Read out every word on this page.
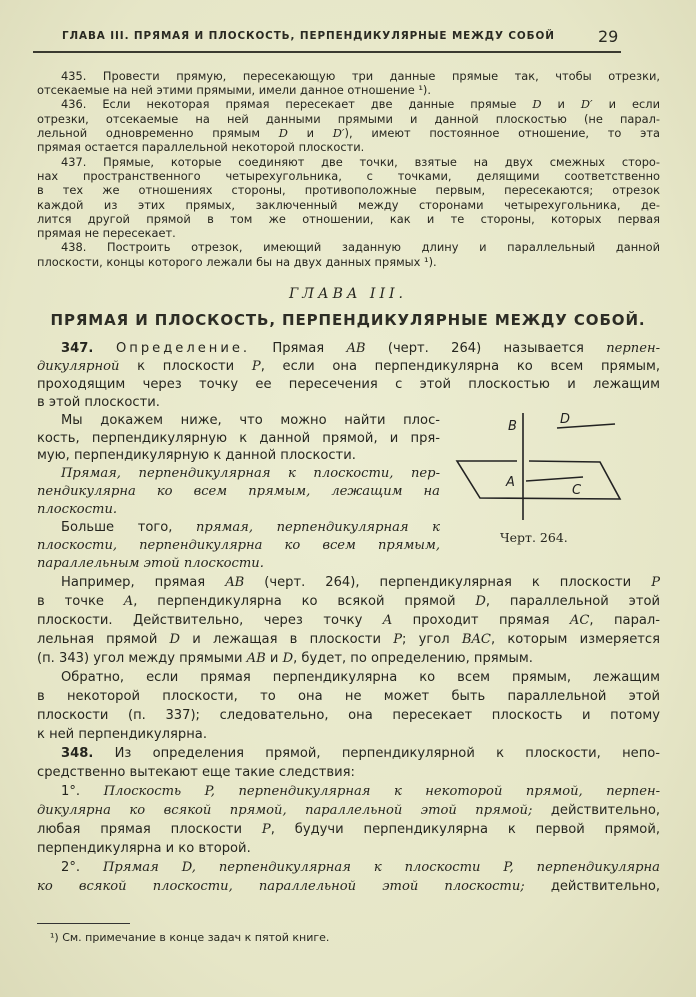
ГЛАВА III. ПРЯМАЯ И ПЛОСКОСТЬ, ПЕРПЕНДИКУЛЯРНЫЕ МЕЖДУ СОБОЙ	29
435. Провести прямую, пересекающую три данные прямые так, чтобы отрезки,
отсекаемые на ней этими прямыми, имели данное отношение ¹).
436. Если некоторая прямая пересекает две данные прямые D и D′ и если
отрезки, отсекаемые на ней данными прямыми и данной плоскостью (не парал-
лельной одновременно прямым D и D′), имеют постоянное отношение, то эта
прямая остается параллельной некоторой плоскости.
437. Прямые, которые соединяют две точки, взятые на двух смежных сторо-
нах пространственного четырехугольника, с точками, делящими соответственно
в тех же отношениях стороны, противоположные первым, пересекаются; отрезок
каждой из этих прямых, заключенный между сторонами четырехугольника, де-
лится другой прямой в том же отношении, как и те стороны, которых первая
прямая не пересекает.
438. Построить отрезок, имеющий заданную длину и параллельный данной
плоскости, концы которого лежали бы на двух данных прямых ¹).
ГЛАВА III.
ПРЯМАЯ И ПЛОСКОСТЬ, ПЕРПЕНДИКУЛЯРНЫЕ МЕЖДУ СОБОЙ.
347. Определение. Прямая AB (черт. 264) называется перпен-
дикулярной к плоскости P, если она перпендикулярна ко всем прямым,
проходящим через точку ее пересечения с этой плоскостью и лежащим
в этой плоскости.
Мы докажем ниже, что можно найти плос-
кость, перпендикулярную к данной прямой, и пря-
мую, перпендикулярную к данной плоскости.
Прямая, перпендикулярная к плоскости, пер-
пендикулярна ко всем прямым, лежащим на
плоскости.
Больше того, прямая, перпендикулярная к
плоскости, перпендикулярна ко всем прямым,
параллельным этой плоскости.
Например, прямая AB (черт. 264), перпендикулярная к плоскости P
в точке A, перпендикулярна ко всякой прямой D, параллельной этой
плоскости. Действительно, через точку A проходит прямая AC, парал-
лельная прямой D и лежащая в плоскости P; угол BAC, которым измеряется
(п. 343) угол между прямыми AB и D, будет, по определению, прямым.
Обратно, если прямая перпендикулярна ко всем прямым, лежащим
в некоторой плоскости, то она не может быть параллельной этой
плоскости (п. 337); следовательно, она пересекает плоскость и потому
к ней перпендикулярна.
348. Из определения прямой, перпендикулярной к плоскости, непо-
средственно вытекают еще такие следствия:
1°. Плоскость P, перпендикулярная к некоторой прямой, перпен-
дикулярна ко всякой прямой, параллельной этой прямой; действительно,
любая прямая плоскости P, будучи перпендикулярна к первой прямой,
перпендикулярна и ко второй.
2°. Прямая D, перпендикулярная к плоскости P, перпендикулярна
ко всякой плоскости, параллельной этой плоскости; действительно,
B	D
A
C
Черт. 264.
¹) См. примечание в конце задач к пятой книге.
